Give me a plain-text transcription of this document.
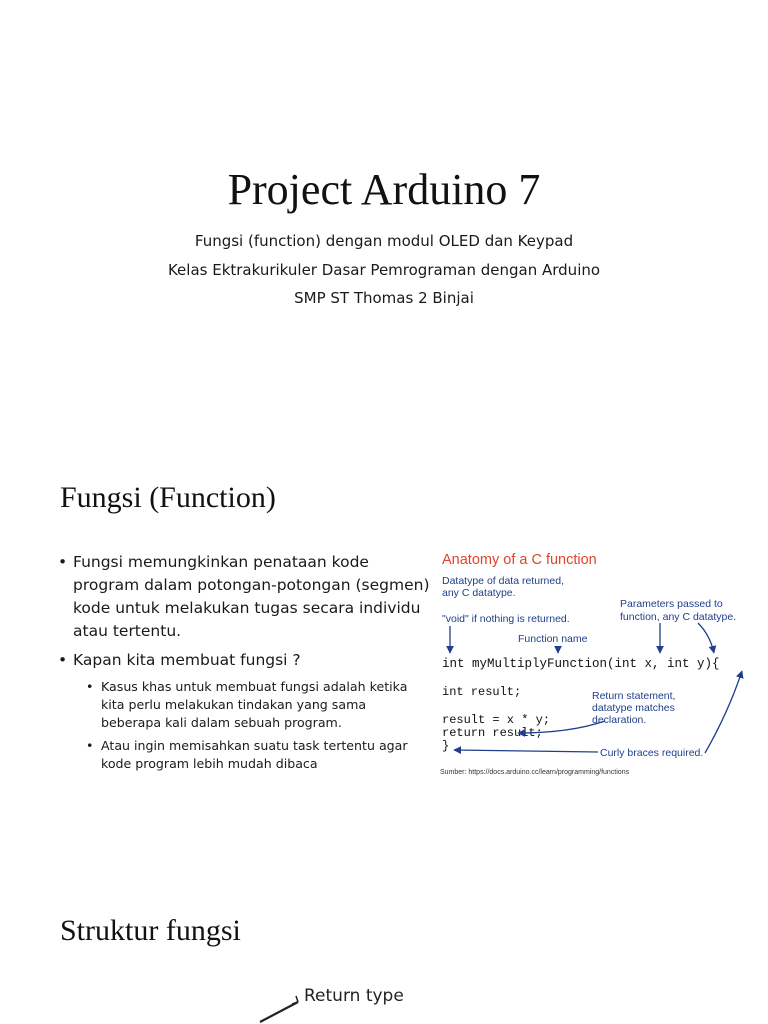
Project Arduino 7
Fungsi (function) dengan modul OLED dan Keypad
Kelas Ektrakurikuler Dasar Pemrograman dengan Arduino
SMP ST Thomas 2 Binjai
Fungsi (Function)
• Fungsi memungkinkan penataan kode program dalam potongan-potongan (segmen) kode untuk melakukan tugas secara individu atau tertentu.
• Kapan kita membuat fungsi ?
• Kasus khas untuk membuat fungsi adalah ketika kita perlu melakukan tindakan yang sama beberapa kali dalam sebuah program.
• Atau ingin memisahkan suatu task tertentu agar kode program lebih mudah dibaca
Anatomy of a C function
Datatype of data returned,
any C datatype.
"void" if nothing is returned.
Parameters passed to
function, any C datatype.
Function name
int myMultiplyFunction(int x, int y){
int result;
result = x * y;
return result;
}
Return statement,
datatype matches
declaration.
Curly braces required.
Sumber: https://docs.arduino.cc/learn/programming/functions
Struktur fungsi
Return type
